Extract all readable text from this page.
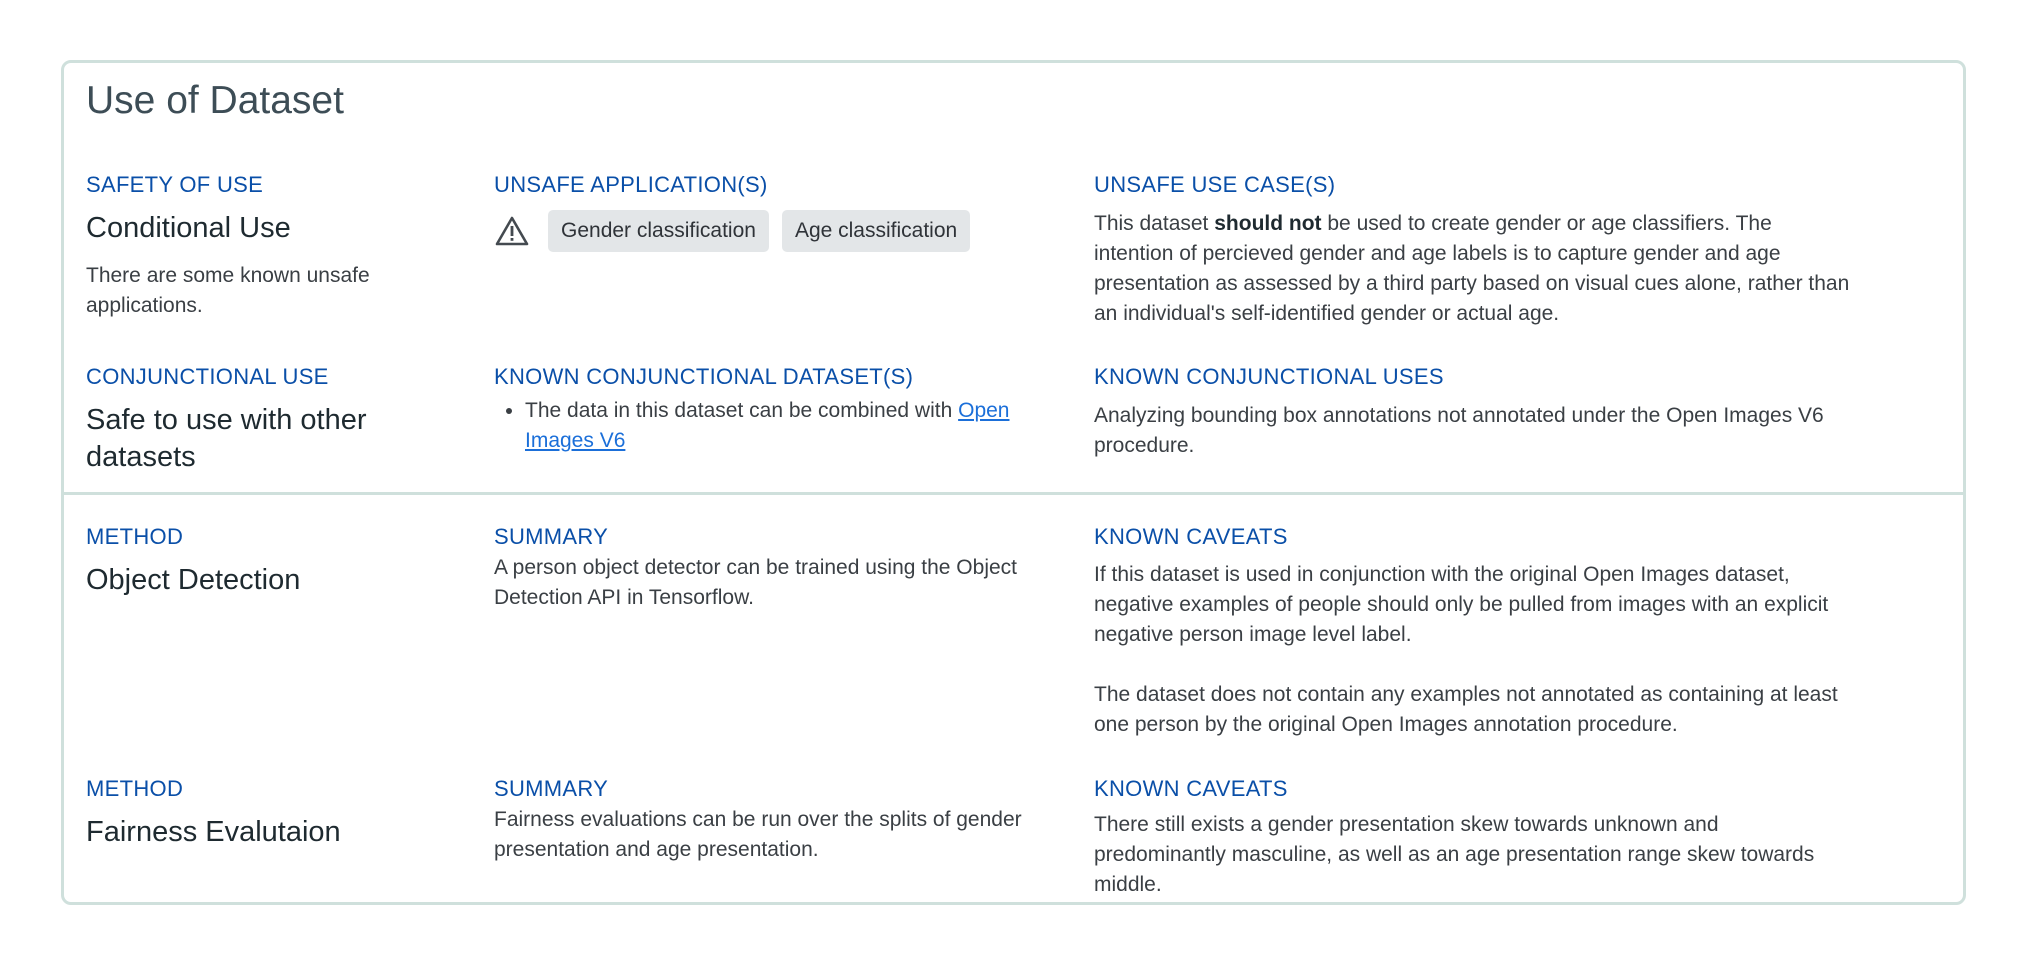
Use of Dataset
SAFETY OF USE
Conditional Use
There are some known unsafe applications.
UNSAFE APPLICATION(S)
Gender classification	Age classification
UNSAFE USE CASE(S)
This dataset should not be used to create gender or age classifiers. The intention of percieved gender and age labels is to capture gender and age presentation as assessed by a third party based on visual cues alone, rather than an individual's self-identified gender or actual age.
CONJUNCTIONAL USE
Safe to use with other datasets
KNOWN CONJUNCTIONAL DATASET(S)
• The data in this dataset can be combined with Open Images V6
KNOWN CONJUNCTIONAL USES
Analyzing bounding box annotations not annotated under the Open Images V6 procedure.
METHOD
Object Detection
SUMMARY
A person object detector can be trained using the Object Detection API in Tensorflow.
KNOWN CAVEATS
If this dataset is used in conjunction with the original Open Images dataset, negative examples of people should only be pulled from images with an explicit negative person image level label.
The dataset does not contain any examples not annotated as containing at least one person by the original Open Images annotation procedure.
METHOD
Fairness Evalutaion
SUMMARY
Fairness evaluations can be run over the splits of gender presentation and age presentation.
KNOWN CAVEATS
There still exists a gender presentation skew towards unknown and predominantly masculine, as well as an age presentation range skew towards middle.
